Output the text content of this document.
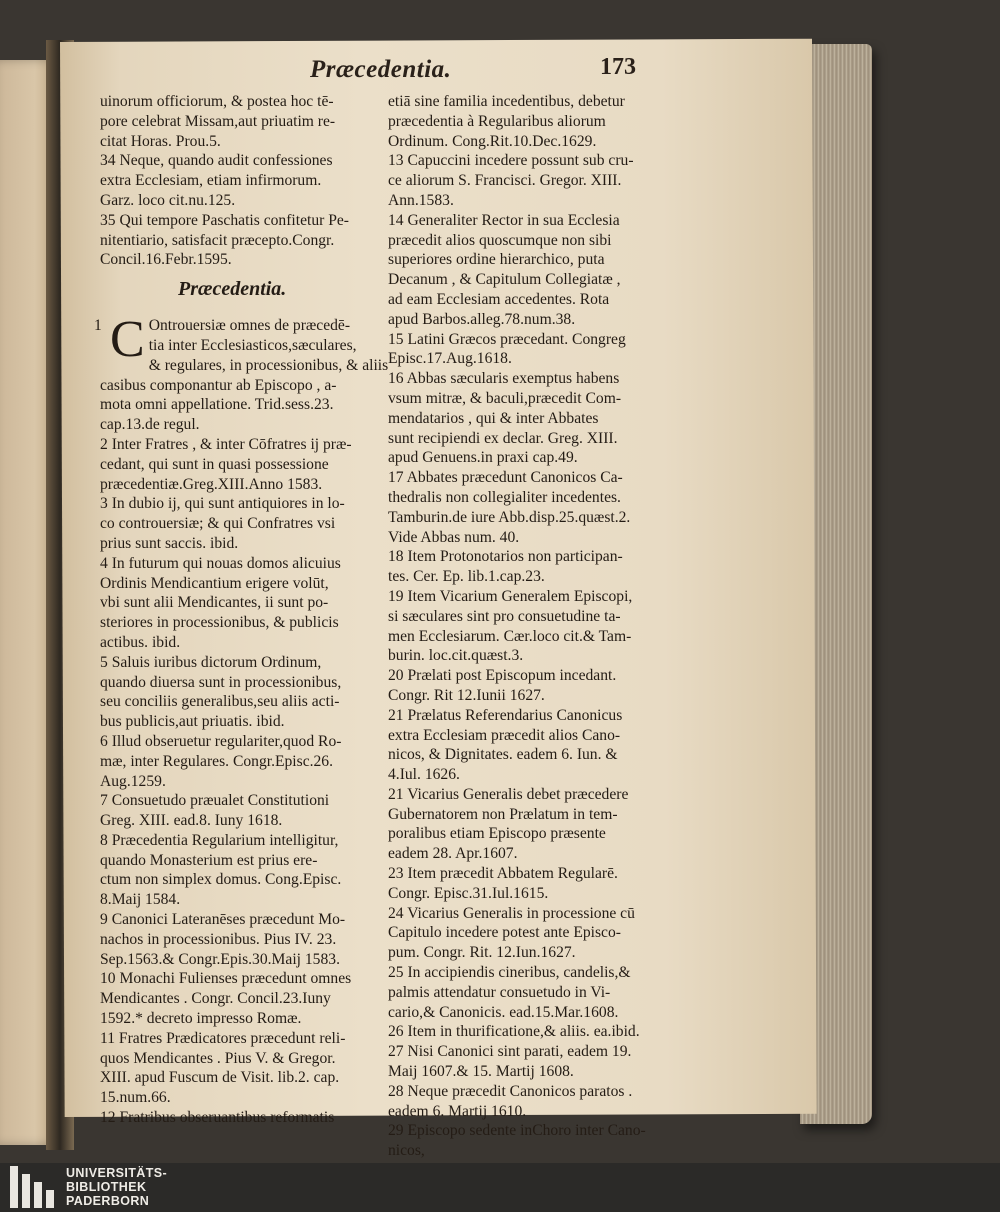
Præcedentia.	173
uinorum officiorum, & postea hoc tē-
pore celebrat Missam,aut priuatim re-
citat Horas. Prou.5.
34 Neque, quando audit confessiones
extra Ecclesiam, etiam infirmorum.
Garz. loco cit.nu.125.
35 Qui tempore Paschatis confitetur Pe-
nitentiario, satisfacit præcepto.Congr.
Concil.16.Febr.1595.
Præcedentia.
1 C Ontrouersiæ omnes de præcedē-
tia inter Ecclesiasticos,sæculares,
& regulares, in processionibus, & aliis
casibus componantur ab Episcopo , a-
mota omni appellatione. Trid.sess.23.
cap.13.de regul.
2 Inter Fratres , & inter Cōfratres ij præ-
cedant, qui sunt in quasi possessione
præcedentiæ.Greg.XIII.Anno 1583.
3 In dubio ij, qui sunt antiquiores in lo-
co controuersiæ; & qui Confratres vsi
prius sunt saccis. ibid.
4 In futurum qui nouas domos alicuius
Ordinis Mendicantium erigere volūt,
vbi sunt alii Mendicantes, ii sunt po-
steriores in processionibus, & publicis
actibus. ibid.
5 Saluis iuribus dictorum Ordinum,
quando diuersa sunt in processionibus,
seu conciliis generalibus,seu aliis acti-
bus publicis,aut priuatis. ibid.
6 Illud obseruetur regulariter,quod Ro-
mæ, inter Regulares. Congr.Episc.26.
Aug.1259.
7 Consuetudo præualet Constitutioni
Greg. XIII. ead.8. Iuny 1618.
8 Præcedentia Regularium intelligitur,
quando Monasterium est prius ere-
ctum non simplex domus. Cong.Episc.
8.Maij 1584.
9 Canonici Lateranēses præcedunt Mo-
nachos in processionibus. Pius IV. 23.
Sep.1563.& Congr.Epis.30.Maij 1583.
10 Monachi Fulienses præcedunt omnes
Mendicantes . Congr. Concil.23.Iuny
1592.* decreto impresso Romæ.
11 Fratres Prædicatores præcedunt reli-
quos Mendicantes . Pius V. & Gregor.
XIII. apud Fuscum de Visit. lib.2. cap.
15.num.66.
12 Fratribus obseruantibus reformatis
etiā sine familia incedentibus, debetur
præcedentia à Regularibus aliorum
Ordinum. Cong.Rit.10.Dec.1629.
13 Capuccini incedere possunt sub cru-
ce aliorum S. Francisci. Gregor. XIII.
Ann.1583.
14 Generaliter Rector in sua Ecclesia
præcedit alios quoscumque non sibi
superiores ordine hierarchico, puta
Decanum , & Capitulum Collegiatæ ,
ad eam Ecclesiam accedentes. Rota
apud Barbos.alleg.78.num.38.
15 Latini Græcos præcedant. Congreg
Episc.17.Aug.1618.
16 Abbas sæcularis exemptus habens
vsum mitræ, & baculi,præcedit Com-
mendatarios , qui & inter Abbates
sunt recipiendi ex declar. Greg. XIII.
apud Genuens.in praxi cap.49.
17 Abbates præcedunt Canonicos Ca-
thedralis non collegialiter incedentes.
Tamburin.de iure Abb.disp.25.quæst.2.
Vide Abbas num. 40.
18 Item Protonotarios non participan-
tes. Cer. Ep. lib.1.cap.23.
19 Item Vicarium Generalem Episcopi,
si sæculares sint pro consuetudine ta-
men Ecclesiarum. Cær.loco cit.& Tam-
burin. loc.cit.quæst.3.
20 Prælati post Episcopum incedant.
Congr. Rit 12.Iunii 1627.
21 Prælatus Referendarius Canonicus
extra Ecclesiam præcedit alios Cano-
nicos, & Dignitates. eadem 6. Iun. &
4.Iul. 1626.
21 Vicarius Generalis debet præcedere
Gubernatorem non Prælatum in tem-
poralibus etiam Episcopo præsente
eadem 28. Apr.1607.
23 Item præcedit Abbatem Regularē.
Congr. Episc.31.Iul.1615.
24 Vicarius Generalis in processione cū
Capitulo incedere potest ante Episco-
pum. Congr. Rit. 12.Iun.1627.
25 In accipiendis cineribus, candelis,&
palmis attendatur consuetudo in Vi-
cario,& Canonicis. ead.15.Mar.1608.
26 Item in thurificatione,& aliis. ea.ibid.
27 Nisi Canonici sint parati, eadem 19.
Maij 1607.& 15. Martij 1608.
28 Neque præcedit Canonicos paratos .
eadem 6. Martij 1610.
29 Episcopo sedente inChoro inter Cano-
nicos,
UNIVERSITÄTS-
BIBLIOTHEK
PADERBORN
